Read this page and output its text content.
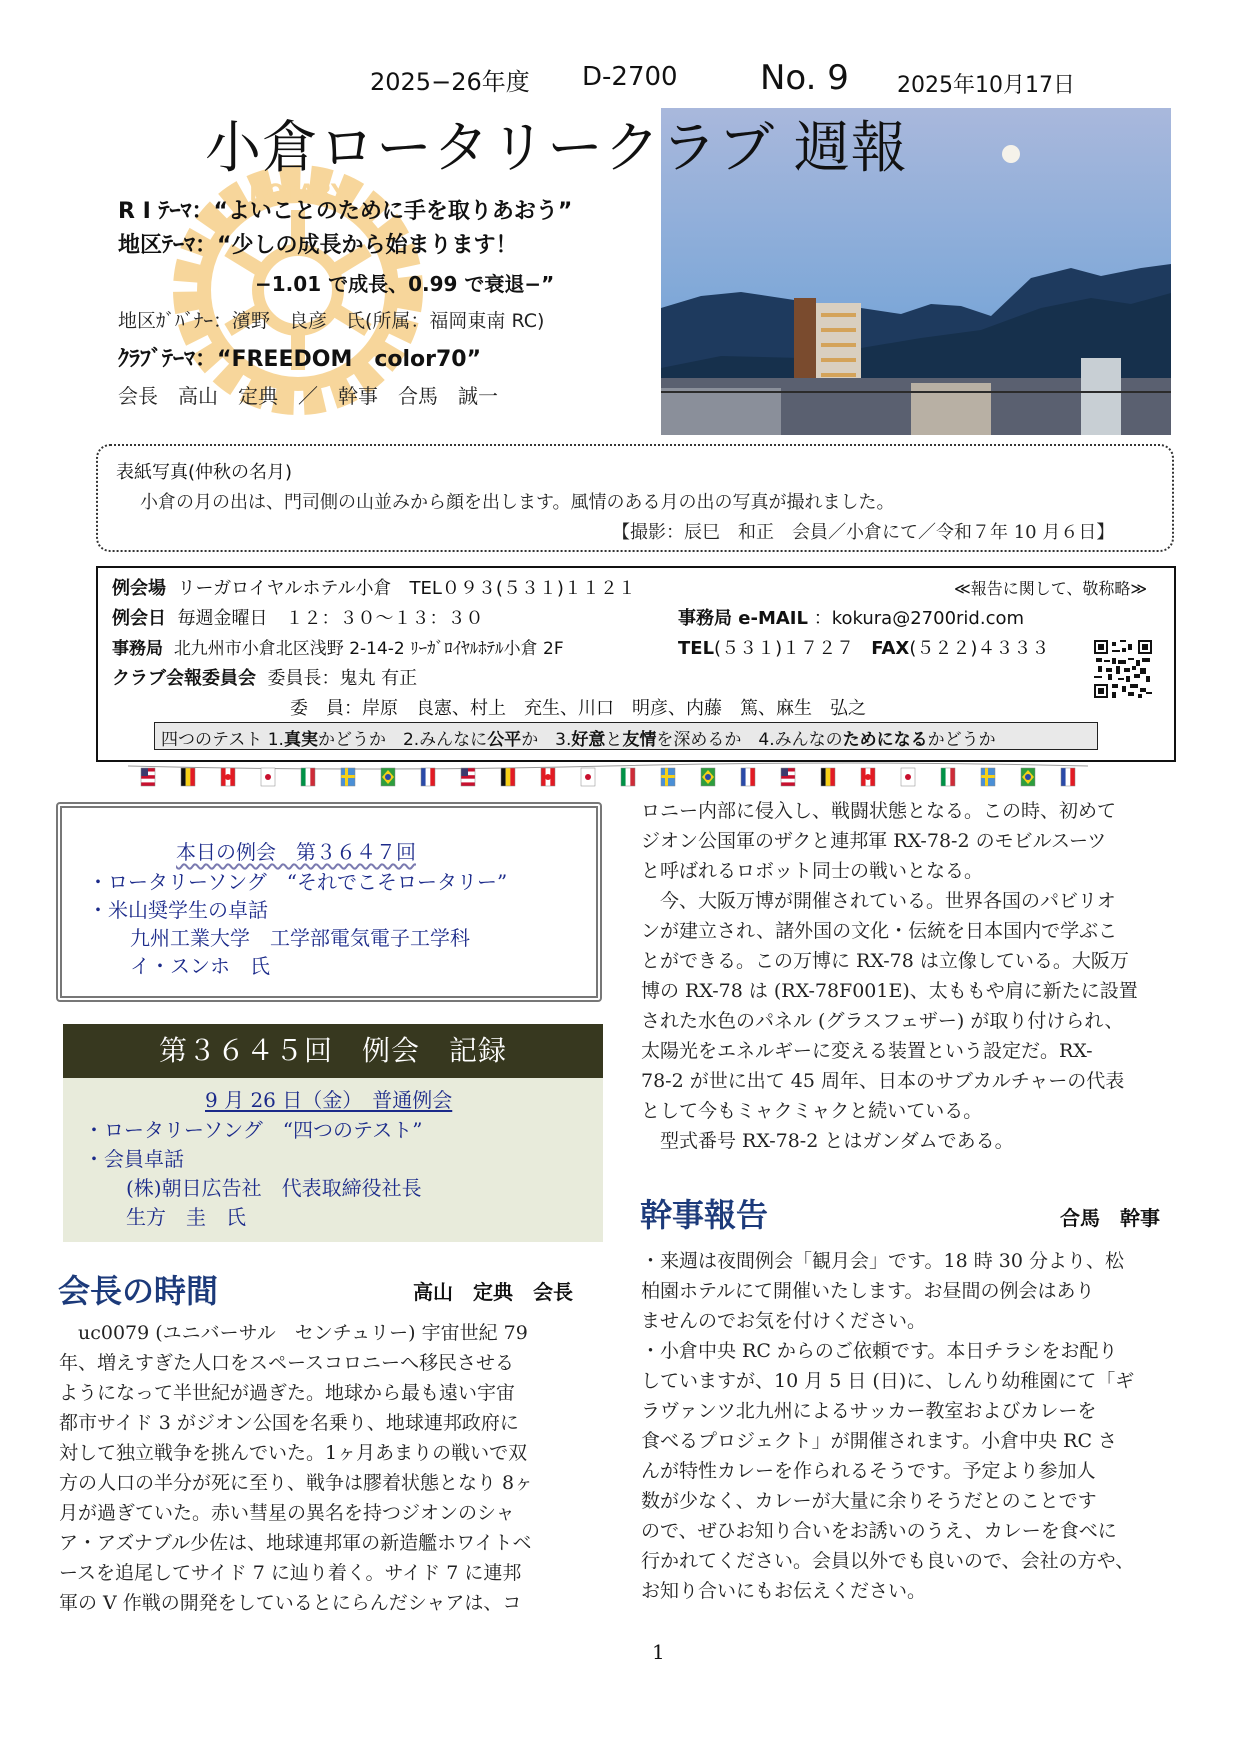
2025−26年度 D-2700 No. 9 2025年10月17日
ROTARY
小倉ロータリークラブ 週報
R I ﾃｰﾏ：“よいことのために手を取りあおう”
地区ﾃｰﾏ：“少しの成長から始まります！
−1.01 で成長、0.99 で衰退−”
地区ｶﾞﾊﾞﾅｰ：濱野　良彦　氏(所属：福岡東南 RC)
ｸﾗﾌﾞﾃｰﾏ：“FREEDOM　color70”
会長　高山　定典　／　幹事　合馬　誠一
表紙写真(仲秋の名月)
小倉の月の出は、門司側の山並みから顔を出します。風情のある月の出の写真が撮れました。
【撮影：辰巳　和正　会員／小倉にて／令和７年 10 月６日】
例会場 リーガロイヤルホテル小倉　TEL０９３(５３１)１１２１	≪報告に関して、敬称略≫
例会日 毎週金曜日　１２：３０〜１３：３０	事務局 e-MAIL ：kokura@2700rid.com
事務局 北九州市小倉北区浅野 2-14-2 ﾘｰｶﾞﾛｲﾔﾙﾎﾃﾙ小倉 2F	TEL(５３１)１７２７ FAX(５２２)４３３３
クラブ会報委員会 委員長：鬼丸 有正
委　員：岸原　良憲、村上　充生、川口　明彦、内藤　篤、麻生　弘之
四つのテスト 1.真実かどうか　2.みんなに公平か　3.好意と友情を深めるか　4.みんなのためになるかどうか
本日の例会　第３６４７回
・ロータリーソング　“それでこそロータリー”
・米山奨学生の卓話
九州工業大学　工学部電気電子工学科
イ・スンホ　氏
第３６４５回　例会　記録
9 月 26 日（金）　普通例会
・ロータリーソング　“四つのテスト”
・会員卓話
(株)朝日広告社　代表取締役社長
生方　圭　氏
会長の時間	高山　定典　会長
　uc0079 (ユニバーサル　センチュリー) 宇宙世紀 79
年、増えすぎた人口をスペースコロニーへ移民させる
ようになって半世紀が過ぎた。地球から最も遠い宇宙
都市サイド 3 がジオン公国を名乗り、地球連邦政府に
対して独立戦争を挑んでいた。1ヶ月あまりの戦いで双
方の人口の半分が死に至り、戦争は膠着状態となり 8ヶ
月が過ぎていた。赤い彗星の異名を持つジオンのシャ
ア・アズナブル少佐は、地球連邦軍の新造艦ホワイトベ
ースを追尾してサイド 7 に辿り着く。サイド 7 に連邦
軍の V 作戦の開発をしているとにらんだシャアは、コ
ロニー内部に侵入し、戦闘状態となる。この時、初めて
ジオン公国軍のザクと連邦軍 RX-78-2 のモビルスーツ
と呼ばれるロボット同士の戦いとなる。
　今、大阪万博が開催されている。世界各国のパビリオ
ンが建立され、諸外国の文化・伝統を日本国内で学ぶこ
とができる。この万博に RX-78 は立像している。大阪万
博の RX-78 は (RX-78F001E)、太ももや肩に新たに設置
された水色のパネル (グラスフェザー) が取り付けられ、
太陽光をエネルギーに変える装置という設定だ。RX-
78-2 が世に出て 45 周年、日本のサブカルチャーの代表
として今もミャクミャクと続いている。
　型式番号 RX-78-2 とはガンダムである。
幹事報告	合馬　幹事
・来週は夜間例会「観月会」です。18 時 30 分より、松
柏園ホテルにて開催いたします。お昼間の例会はあり
ませんのでお気を付けください。
・小倉中央 RC からのご依頼です。本日チラシをお配り
していますが、10 月 5 日 (日)に、しんり幼稚園にて「ギ
ラヴァンツ北九州によるサッカー教室およびカレーを
食べるプロジェクト」が開催されます。小倉中央 RC さ
んが特性カレーを作られるそうです。予定より参加人
数が少なく、カレーが大量に余りそうだとのことです
ので、ぜひお知り合いをお誘いのうえ、カレーを食べに
行かれてください。会員以外でも良いので、会社の方や、
お知り合いにもお伝えください。
1
